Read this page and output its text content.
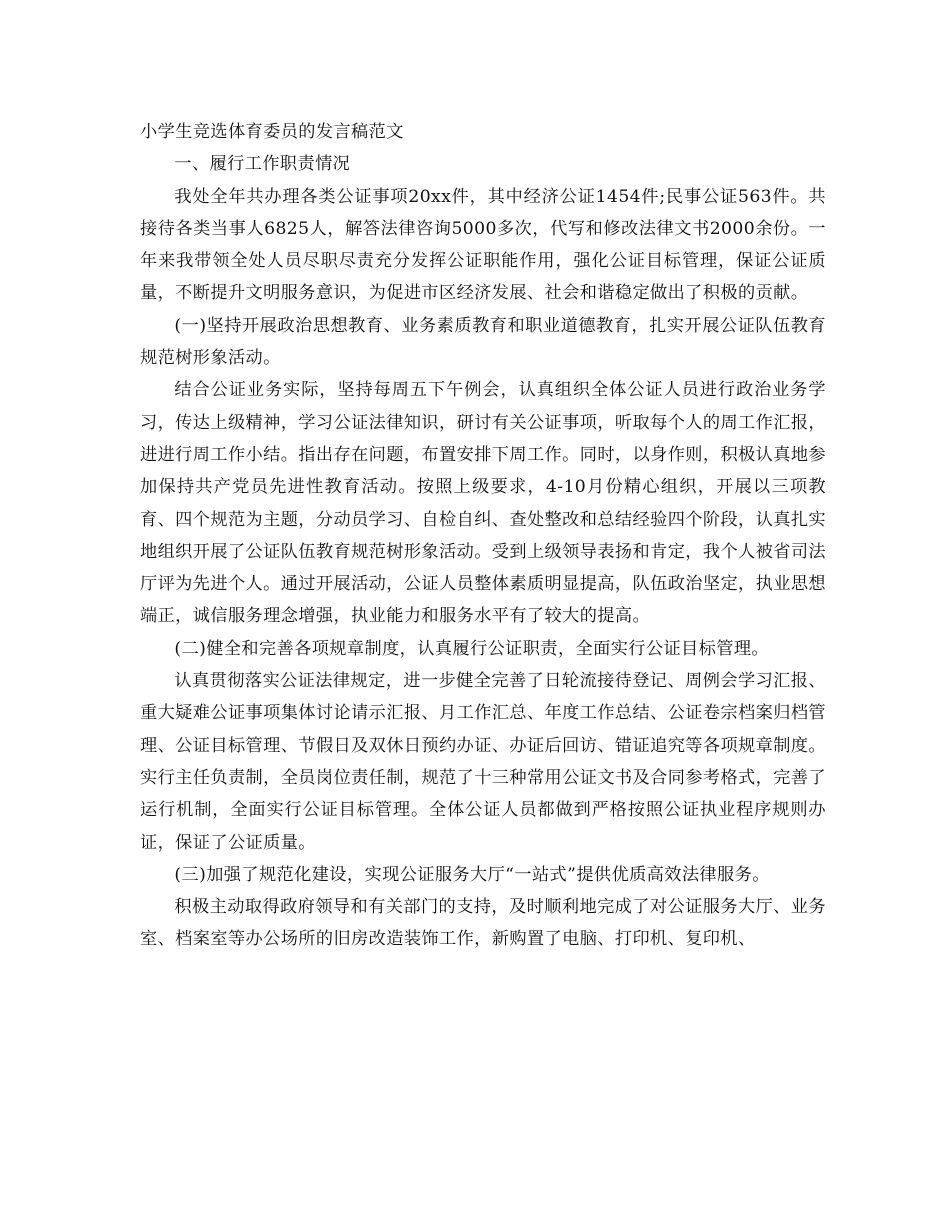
小学生竞选体育委员的发言稿范文

一、履行工作职责情况

我处全年共办理各类公证事项20xx件，其中经济公证1454件;民事公证563件。共接待各类当事人6825人，解答法律咨询5000多次，代写和修改法律文书2000余份。一年来我带领全处人员尽职尽责充分发挥公证职能作用，强化公证目标管理，保证公证质量，不断提升文明服务意识，为促进市区经济发展、社会和谐稳定做出了积极的贡献。

(一)坚持开展政治思想教育、业务素质教育和职业道德教育，扎实开展公证队伍教育规范树形象活动。

结合公证业务实际，坚持每周五下午例会，认真组织全体公证人员进行政治业务学习，传达上级精神，学习公证法律知识，研讨有关公证事项，听取每个人的周工作汇报，进进行周工作小结。指出存在问题，布置安排下周工作。同时，以身作则，积极认真地参加保持共产党员先进性教育活动。按照上级要求，4-10月份精心组织，开展以三项教育、四个规范为主题，分动员学习、自检自纠、查处整改和总结经验四个阶段，认真扎实地组织开展了公证队伍教育规范树形象活动。受到上级领导表扬和肯定，我个人被省司法厅评为先进个人。通过开展活动，公证人员整体素质明显提高，队伍政治坚定，执业思想端正，诚信服务理念增强，执业能力和服务水平有了较大的提高。

(二)健全和完善各项规章制度，认真履行公证职责，全面实行公证目标管理。

认真贯彻落实公证法律规定，进一步健全完善了日轮流接待登记、周例会学习汇报、重大疑难公证事项集体讨论请示汇报、月工作汇总、年度工作总结、公证卷宗档案归档管理、公证目标管理、节假日及双休日预约办证、办证后回访、错证追究等各项规章制度。实行主任负责制，全员岗位责任制，规范了十三种常用公证文书及合同参考格式，完善了运行机制，全面实行公证目标管理。全体公证人员都做到严格按照公证执业程序规则办证，保证了公证质量。

(三)加强了规范化建设，实现公证服务大厅“一站式”提供优质高效法律服务。

积极主动取得政府领导和有关部门的支持，及时顺利地完成了对公证服务大厅、业务室、档案室等办公场所的旧房改造装饰工作，新购置了电脑、打印机、复印机、
